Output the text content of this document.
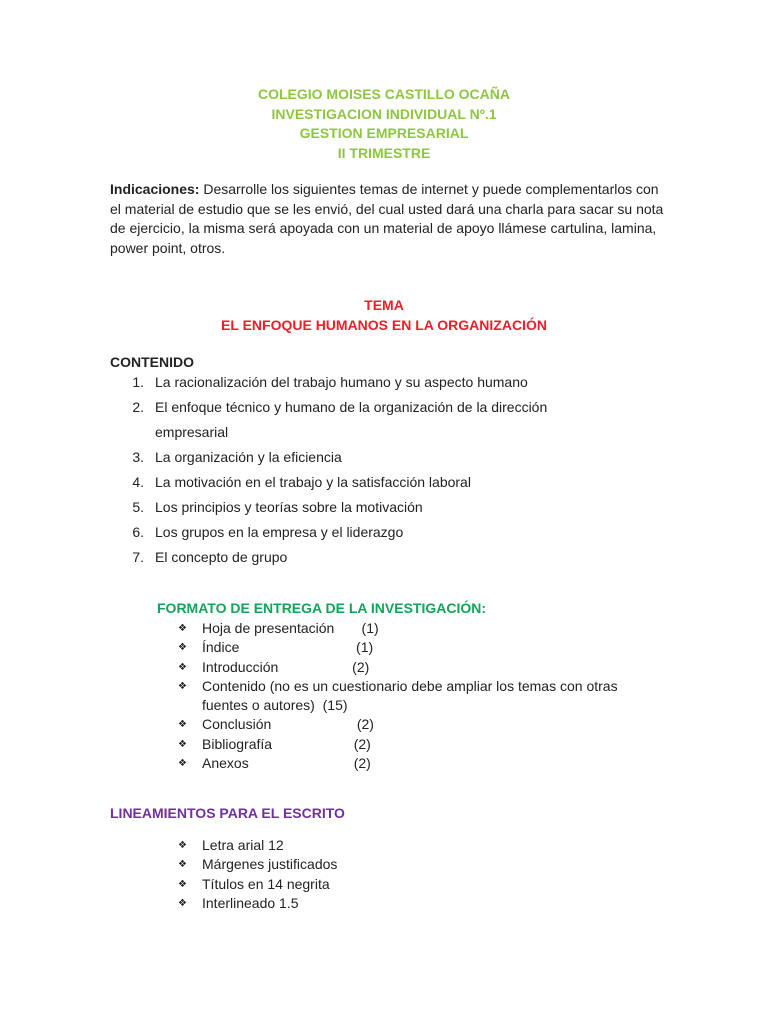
COLEGIO MOISES CASTILLO OCAÑA
INVESTIGACION INDIVIDUAL Nº.1
GESTION EMPRESARIAL
II TRIMESTRE
Indicaciones: Desarrolle los siguientes temas de internet y puede complementarlos con el material de estudio que se les envió, del cual usted dará una charla para sacar su nota de ejercicio, la misma será apoyada con un material de apoyo llámese cartulina, lamina, power point, otros.
TEMA
EL ENFOQUE HUMANOS EN LA ORGANIZACIÓN
CONTENIDO
1. La racionalización del trabajo humano y su aspecto humano
2. El enfoque técnico y humano de la organización de la dirección empresarial
3. La organización y la eficiencia
4. La motivación en el trabajo y la satisfacción laboral
5. Los principios y teorías sobre la motivación
6. Los grupos en la empresa y el liderazgo
7. El concepto de grupo
FORMATO DE ENTREGA DE LA INVESTIGACIÓN:
❖	Hoja de presentación       (1)
❖	Índice                              (1)
❖	Introducción                   (2)
❖	Contenido (no es un cuestionario debe ampliar los temas con otras fuentes o autores)  (15)
❖	Conclusión                      (2)
❖	Bibliografía                     (2)
❖	Anexos                           (2)
LINEAMIENTOS PARA EL ESCRITO
❖	Letra arial 12
❖	Márgenes justificados
❖	Títulos en 14 negrita
❖	Interlineado 1.5
